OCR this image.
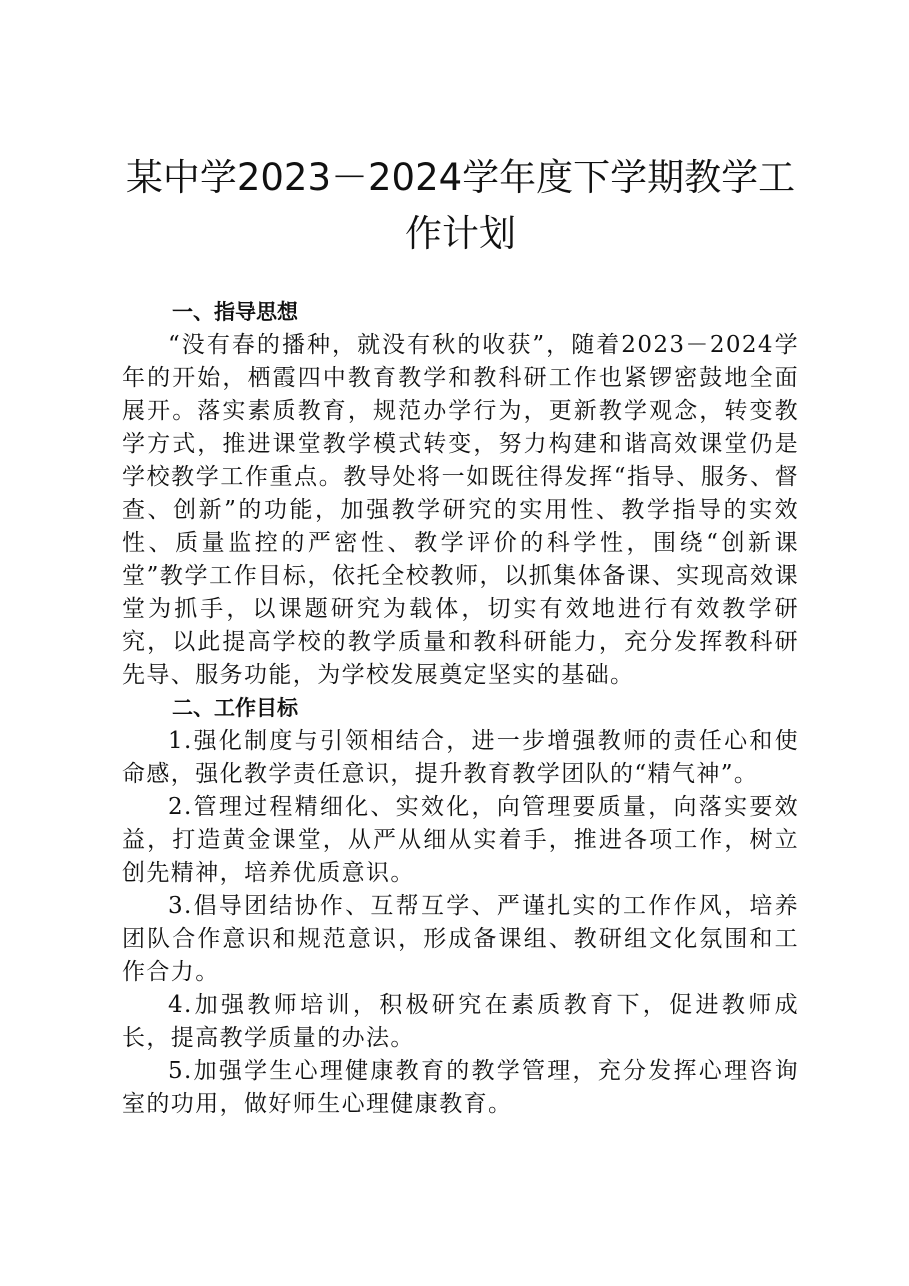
某中学2023－2024学年度下学期教学工作计划

一、指导思想

“没有春的播种，就没有秋的收获”，随着2023－2024学年的开始，栖霞四中教育教学和教科研工作也紧锣密鼓地全面展开。落实素质教育，规范办学行为，更新教学观念，转变教学方式，推进课堂教学模式转变，努力构建和谐高效课堂仍是学校教学工作重点。教导处将一如既往得发挥“指导、服务、督查、创新”的功能，加强教学研究的实用性、教学指导的实效性、质量监控的严密性、教学评价的科学性，围绕“创新课堂”教学工作目标，依托全校教师，以抓集体备课、实现高效课堂为抓手，以课题研究为载体，切实有效地进行有效教学研究，以此提高学校的教学质量和教科研能力，充分发挥教科研先导、服务功能，为学校发展奠定坚实的基础。

二、工作目标

1.强化制度与引领相结合，进一步增强教师的责任心和使命感，强化教学责任意识，提升教育教学团队的“精气神”。

2.管理过程精细化、实效化，向管理要质量，向落实要效益，打造黄金课堂，从严从细从实着手，推进各项工作，树立创先精神，培养优质意识。

3.倡导团结协作、互帮互学、严谨扎实的工作作风，培养团队合作意识和规范意识，形成备课组、教研组文化氛围和工作合力。

4.加强教师培训，积极研究在素质教育下，促进教师成长，提高教学质量的办法。

5.加强学生心理健康教育的教学管理，充分发挥心理咨询室的功用，做好师生心理健康教育。
